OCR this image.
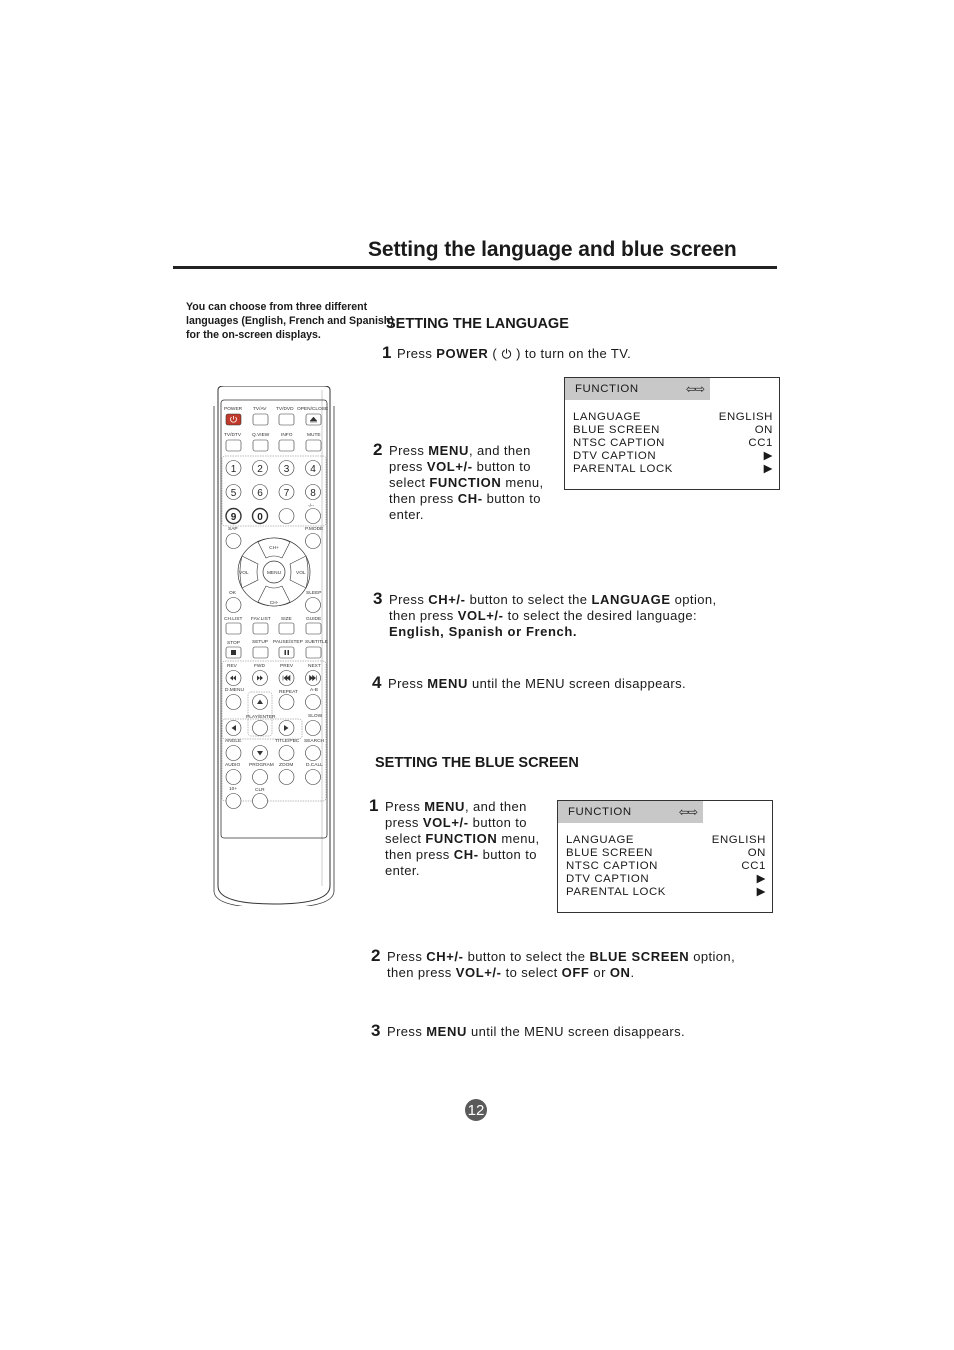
Setting the language and blue screen
You can choose from three different languages (English, French and Spanish) for the on-screen displays.
SETTING THE LANGUAGE
1 Press POWER (  ) to turn on the TV.
2 Press MENU, and then
press VOL+/- button to
select FUNCTION menu,
then press CH- button to
enter.
FUNCTION	⇦⇨
LANGUAGE	ENGLISH
BLUE SCREEN	ON
NTSC CAPTION	CC1
DTV CAPTION	▶
PARENTAL LOCK	▶
3 Press CH+/- button to select the LANGUAGE option,
then press VOL+/- to select the desired language:
English, Spanish or French.
4 Press MENU until the MENU screen disappears.
SETTING THE BLUE SCREEN
1 Press MENU, and then
press VOL+/- button to
select FUNCTION menu,
then press CH- button to
enter.
FUNCTION	⇦⇨
LANGUAGE	ENGLISH
BLUE SCREEN	ON
NTSC CAPTION	CC1
DTV CAPTION	▶
PARENTAL LOCK	▶
2 Press CH+/- button to select the BLUE SCREEN option,
then press VOL+/- to select OFF or ON.
3 Press MENU until the MENU screen disappears.
12
POWER TV/AV TV/DVD OPEN/CLOSE
TV/DTV Q.VIEW INFO	MUTE
1 2 3 4
5 6 7 8
9 0
-/--
SAP	P.MODE
CH+
CH-
MENU
VOL	VOL
OK	SLEEP
CH.LIST FAV.LIST SIZE	GUIDE
STOP	SETUP PAUSE/STEP SUBTITLE
REV	FWD	PREV	NEXT
D.MENU	REPEAT	A-B
PLAY/ENTER	SLOW
ANGLE	TITLE/PBC SEARCH
AUDIO PROGRAM ZOOM	D.CALL
10+	CLR
